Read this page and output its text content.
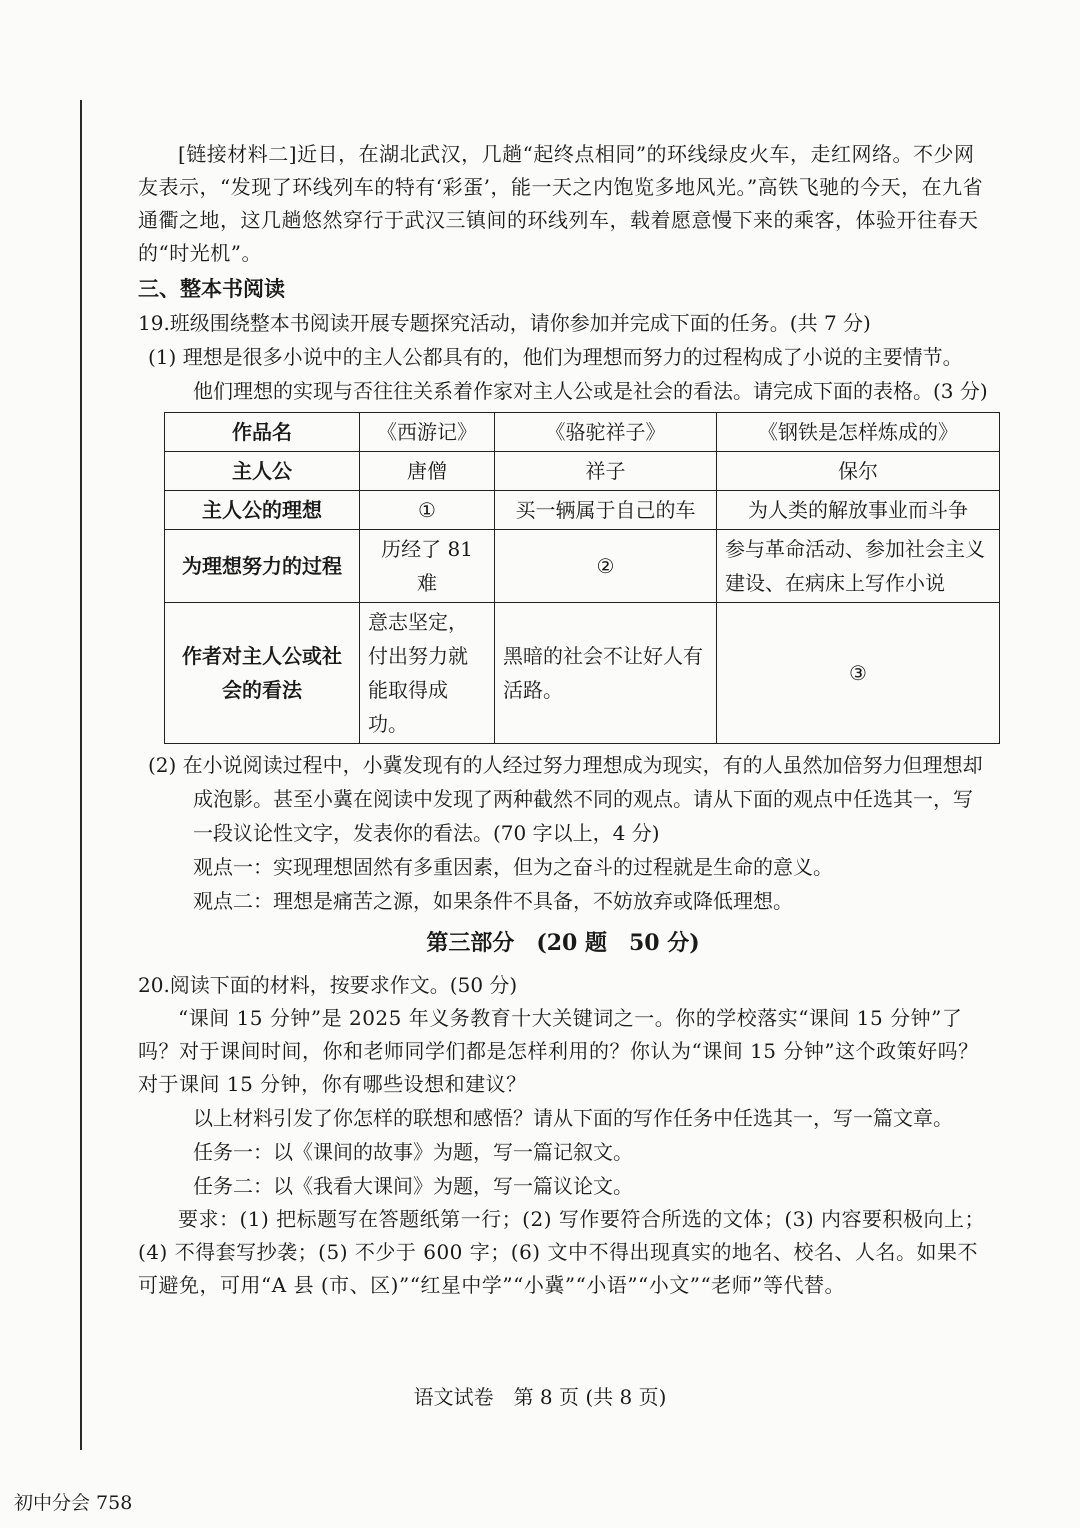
[链接材料二]近日，在湖北武汉，几趟“起终点相同”的环线绿皮火车，走红网络。不少网友表示，“发现了环线列车的特有‘彩蛋’，能一天之内饱览多地风光。”高铁飞驰的今天，在九省通衢之地，这几趟悠然穿行于武汉三镇间的环线列车，载着愿意慢下来的乘客，体验开往春天的“时光机”。

三、整本书阅读

19.班级围绕整本书阅读开展专题探究活动，请你参加并完成下面的任务。(共 7 分)

(1) 理想是很多小说中的主人公都具有的，他们为理想而努力的过程构成了小说的主要情节。

他们理想的实现与否往往关系着作家对主人公或是社会的看法。请完成下面的表格。(3 分)

作品名	《西游记》	《骆驼祥子》	《钢铁是怎样炼成的》
主人公	唐僧	祥子	保尔
主人公的理想	①	买一辆属于自己的车	为人类的解放事业而斗争
为理想努力的过程	历经了 81 难	②	参与革命活动、参加社会主义建设、在病床上写作小说
作者对主人公或社会的看法	意志坚定，付出努力就能取得成功。	黑暗的社会不让好人有活路。	③

(2) 在小说阅读过程中，小冀发现有的人经过努力理想成为现实，有的人虽然加倍努力但理想却成泡影。甚至小冀在阅读中发现了两种截然不同的观点。请从下面的观点中任选其一，写一段议论性文字，发表你的看法。(70 字以上，4 分)

观点一：实现理想固然有多重因素，但为之奋斗的过程就是生命的意义。

观点二：理想是痛苦之源，如果条件不具备，不妨放弃或降低理想。

第三部分　(20 题　50 分)

20.阅读下面的材料，按要求作文。(50 分)

“课间 15 分钟”是 2025 年义务教育十大关键词之一。你的学校落实“课间 15 分钟”了吗？对于课间时间，你和老师同学们都是怎样利用的？你认为“课间 15 分钟”这个政策好吗？对于课间 15 分钟，你有哪些设想和建议？

以上材料引发了你怎样的联想和感悟？请从下面的写作任务中任选其一，写一篇文章。

任务一：以《课间的故事》为题，写一篇记叙文。

任务二：以《我看大课间》为题，写一篇议论文。

要求：(1) 把标题写在答题纸第一行；(2) 写作要符合所选的文体；(3) 内容要积极向上；(4) 不得套写抄袭；(5) 不少于 600 字；(6) 文中不得出现真实的地名、校名、人名。如果不可避免，可用“A 县 (市、区)”“红星中学”“小冀”“小语”“小文”“老师”等代替。

语文试卷　第 8 页 (共 8 页)
初中分会 758
